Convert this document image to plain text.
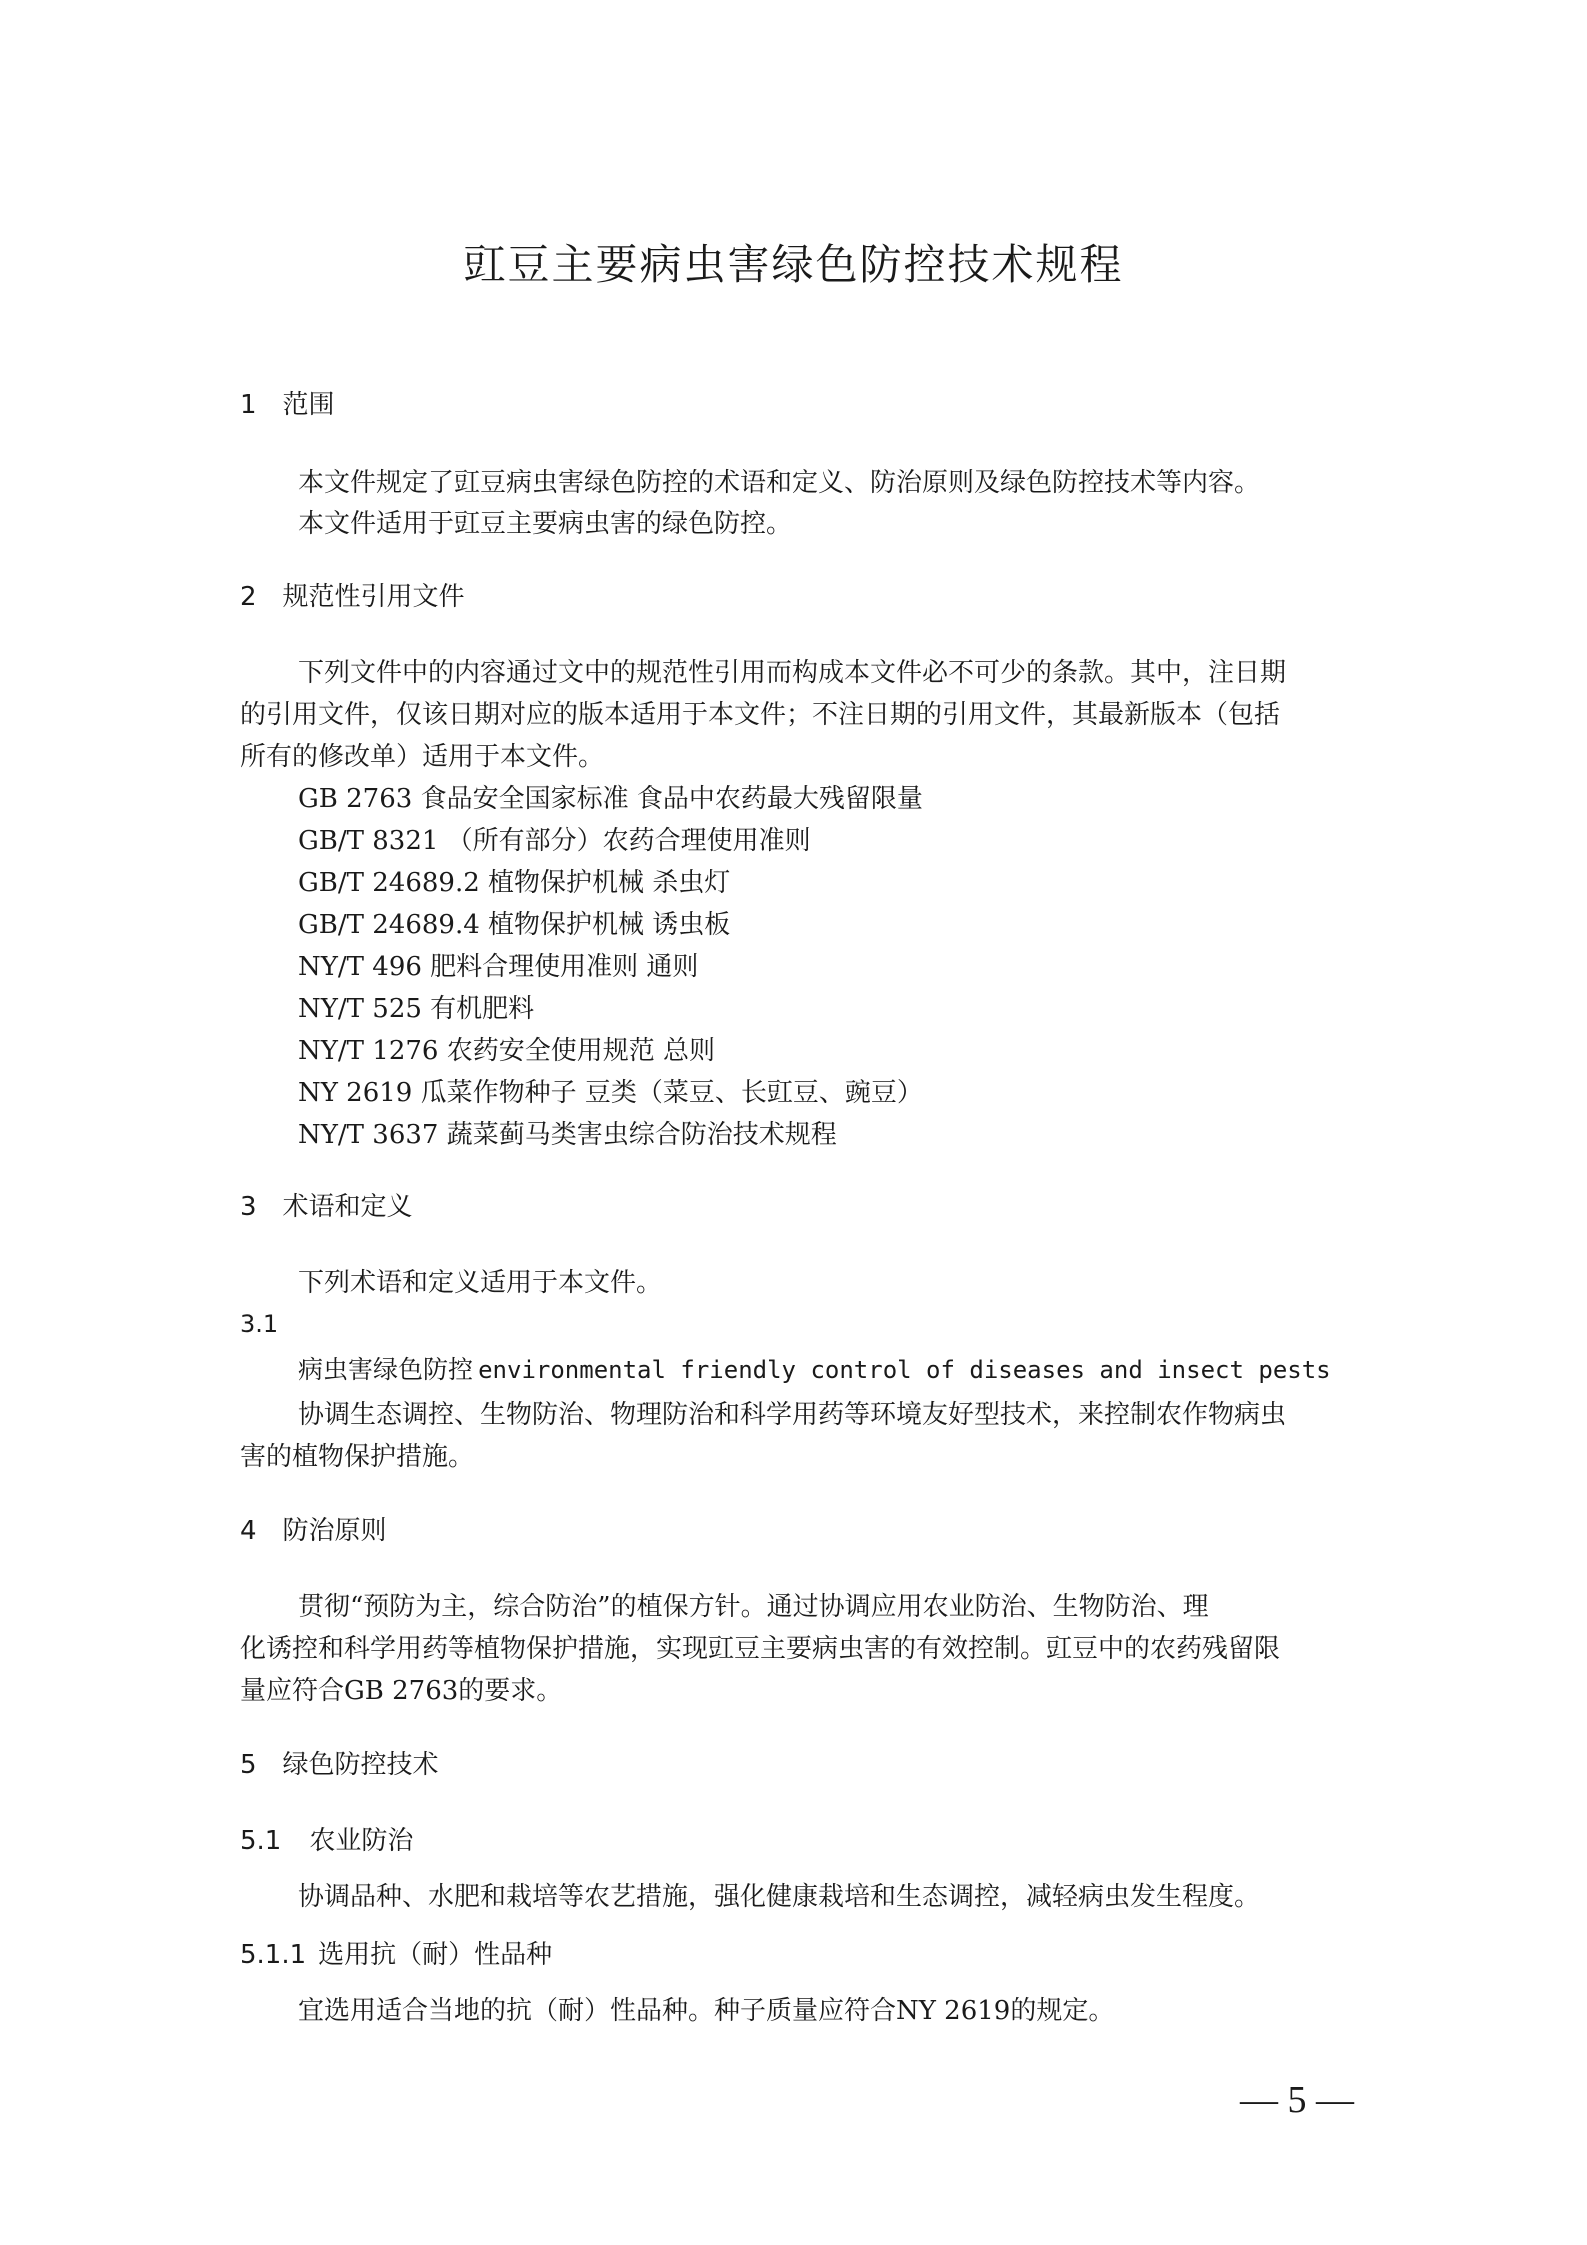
豇豆主要病虫害绿色防控技术规程
1 范围
本文件规定了豇豆病虫害绿色防控的术语和定义、防治原则及绿色防控技术等内容。
本文件适用于豇豆主要病虫害的绿色防控。
2 规范性引用文件
下列文件中的内容通过文中的规范性引用而构成本文件必不可少的条款。其中，注日期
的引用文件，仅该日期对应的版本适用于本文件；不注日期的引用文件，其最新版本（包括
所有的修改单）适用于本文件。
GB 2763 食品安全国家标准 食品中农药最大残留限量
GB/T 8321 （所有部分）农药合理使用准则
GB/T 24689.2 植物保护机械 杀虫灯
GB/T 24689.4 植物保护机械 诱虫板
NY/T 496 肥料合理使用准则 通则
NY/T 525 有机肥料
NY/T 1276 农药安全使用规范 总则
NY 2619 瓜菜作物种子 豆类（菜豆、长豇豆、豌豆）
NY/T 3637 蔬菜蓟马类害虫综合防治技术规程
3 术语和定义
下列术语和定义适用于本文件。
3.1
病虫害绿色防控 environmental friendly control of diseases and insect pests
协调生态调控、生物防治、物理防治和科学用药等环境友好型技术，来控制农作物病虫
害的植物保护措施。
4 防治原则
贯彻“预防为主，综合防治”的植保方针。通过协调应用农业防治、生物防治、理
化诱控和科学用药等植物保护措施，实现豇豆主要病虫害的有效控制。豇豆中的农药残留限
量应符合GB 2763的要求。
5 绿色防控技术
5.1 农业防治
协调品种、水肥和栽培等农艺措施，强化健康栽培和生态调控，减轻病虫发生程度。
5.1.1 选用抗（耐）性品种
宜选用适合当地的抗（耐）性品种。种子质量应符合NY 2619的规定。
— 5 —
